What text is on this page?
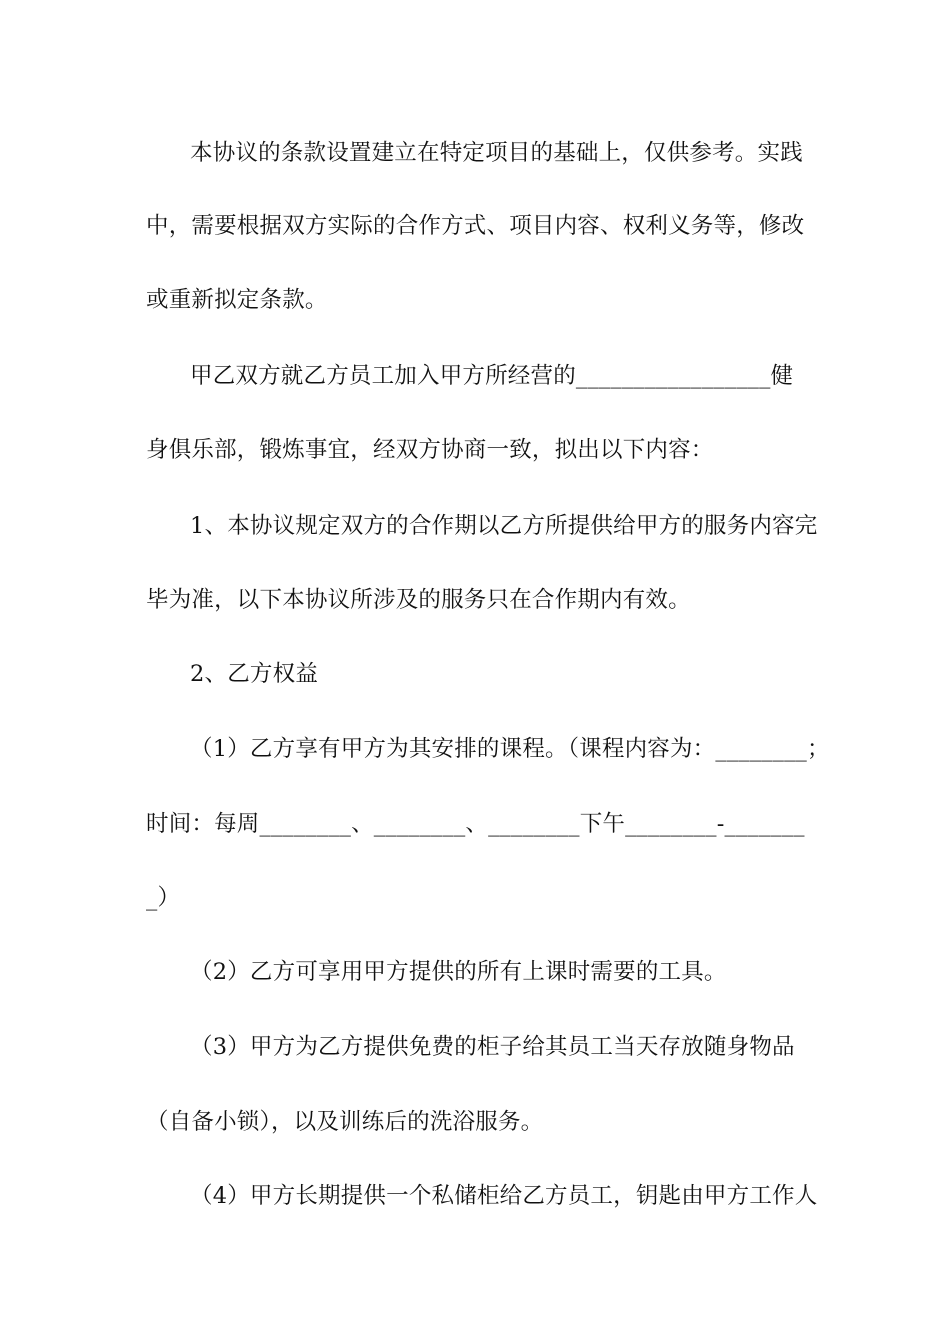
本协议的条款设置建立在特定项目的基础上，仅供参考。实践
中，需要根据双方实际的合作方式、项目内容、权利义务等，修改
或重新拟定条款。
甲乙双方就乙方员工加入甲方所经营的_________________健
身俱乐部，锻炼事宜，经双方协商一致，拟出以下内容：
1、本协议规定双方的合作期以乙方所提供给甲方的服务内容完
毕为准，以下本协议所涉及的服务只在合作期内有效。
2、乙方权益
（1）乙方享有甲方为其安排的课程。（课程内容为：________；
时间：每周________、________、________下午________-_______
_）
（2）乙方可享用甲方提供的所有上课时需要的工具。
（3）甲方为乙方提供免费的柜子给其员工当天存放随身物品
（自备小锁），以及训练后的洗浴服务。
（4）甲方长期提供一个私储柜给乙方员工，钥匙由甲方工作人
